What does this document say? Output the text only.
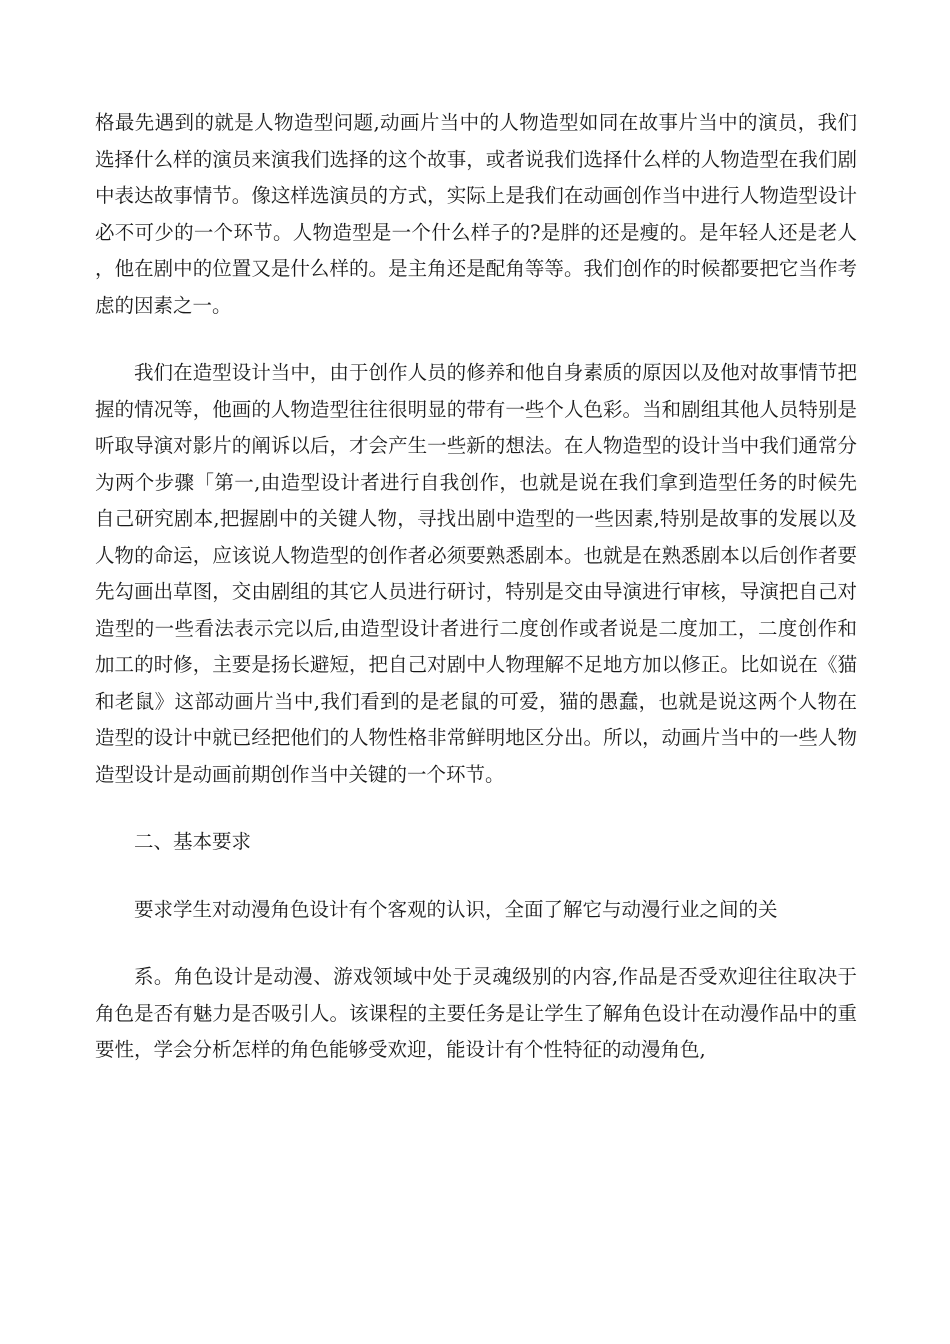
格最先遇到的就是人物造型问题,动画片当中的人物造型如同在故事片当中的演员，我们选择什么样的演员来演我们选择的这个故事，或者说我们选择什么样的人物造型在我们剧中表达故事情节。像这样选演员的方式，实际上是我们在动画创作当中进行人物造型设计必不可少的一个环节。人物造型是一个什么样子的?是胖的还是瘦的。是年轻人还是老人，他在剧中的位置又是什么样的。是主角还是配角等等。我们创作的时候都要把它当作考虑的因素之一。

我们在造型设计当中，由于创作人员的修养和他自身素质的原因以及他对故事情节把握的情况等，他画的人物造型往往很明显的带有一些个人色彩。当和剧组其他人员特别是听取导演对影片的阐诉以后，才会产生一些新的想法。在人物造型的设计当中我们通常分为两个步骤「第一,由造型设计者进行自我创作，也就是说在我们拿到造型任务的时候先自己研究剧本,把握剧中的关键人物，寻找出剧中造型的一些因素,特别是故事的发展以及人物的命运，应该说人物造型的创作者必须要熟悉剧本。也就是在熟悉剧本以后创作者要先勾画出草图，交由剧组的其它人员进行研讨，特别是交由导演进行审核，导演把自己对造型的一些看法表示完以后,由造型设计者进行二度创作或者说是二度加工，二度创作和加工的时修，主要是扬长避短，把自己对剧中人物理解不足地方加以修正。比如说在《猫和老鼠》这部动画片当中,我们看到的是老鼠的可爱，猫的愚蠢，也就是说这两个人物在造型的设计中就已经把他们的人物性格非常鲜明地区分出。所以，动画片当中的一些人物造型设计是动画前期创作当中关键的一个环节。

二、基本要求

要求学生对动漫角色设计有个客观的认识，全面了解它与动漫行业之间的关

系。角色设计是动漫、游戏领域中处于灵魂级别的内容,作品是否受欢迎往往取决于角色是否有魅力是否吸引人。该课程的主要任务是让学生了解角色设计在动漫作品中的重要性，学会分析怎样的角色能够受欢迎，能设计有个性特征的动漫角色,
